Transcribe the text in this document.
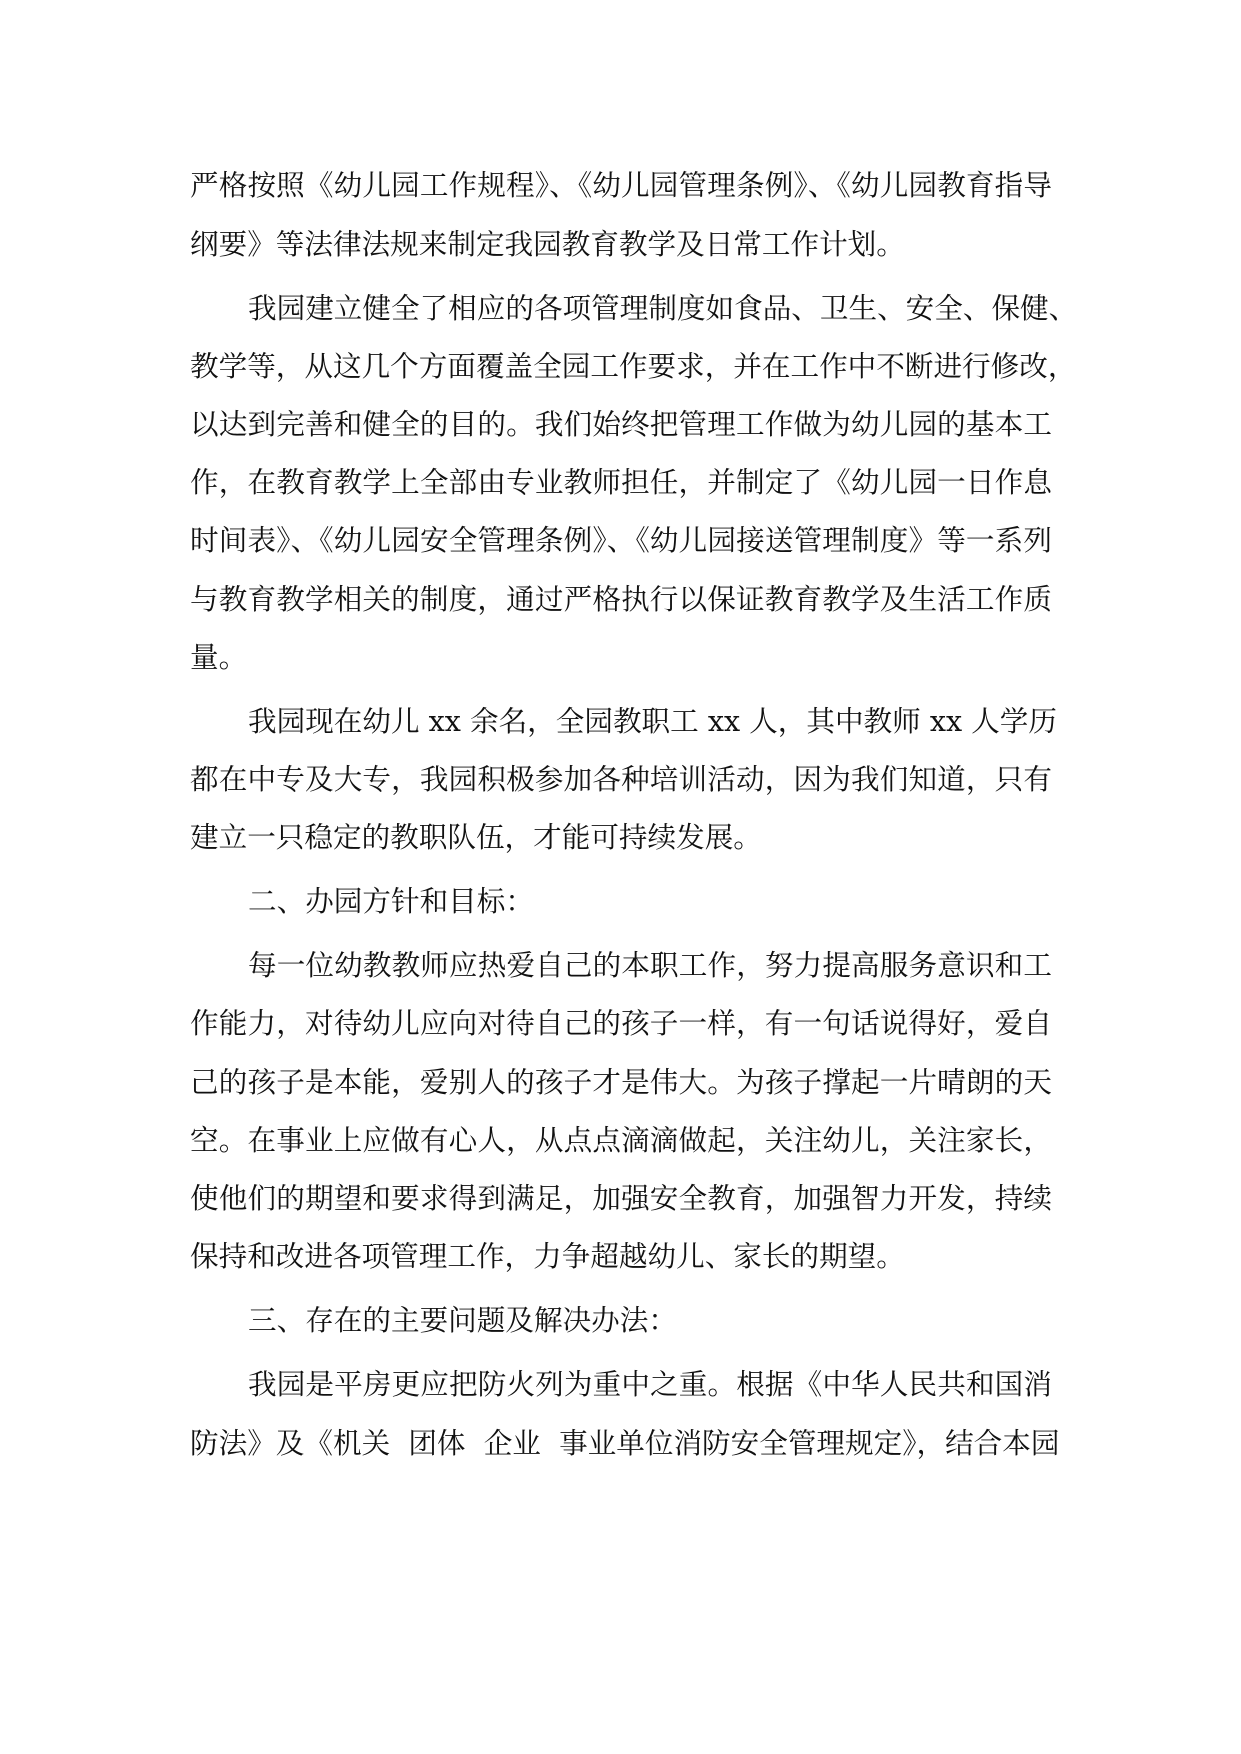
严格按照《幼儿园工作规程》、《幼儿园管理条例》、《幼儿园教育指导
纲要》等法律法规来制定我园教育教学及日常工作计划。
我园建立健全了相应的各项管理制度如食品、卫生、安全、保健、
教学等，从这几个方面覆盖全园工作要求，并在工作中不断进行修改，
以达到完善和健全的目的。我们始终把管理工作做为幼儿园的基本工
作，在教育教学上全部由专业教师担任，并制定了《幼儿园一日作息
时间表》、《幼儿园安全管理条例》、《幼儿园接送管理制度》等一系列
与教育教学相关的制度，通过严格执行以保证教育教学及生活工作质
量。
我园现在幼儿 xx 余名，全园教职工 xx 人，其中教师 xx 人学历
都在中专及大专，我园积极参加各种培训活动，因为我们知道，只有
建立一只稳定的教职队伍，才能可持续发展。
二、办园方针和目标：
每一位幼教教师应热爱自己的本职工作，努力提高服务意识和工
作能力，对待幼儿应向对待自己的孩子一样，有一句话说得好，爱自
己的孩子是本能，爱别人的孩子才是伟大。为孩子撑起一片晴朗的天
空。在事业上应做有心人，从点点滴滴做起，关注幼儿，关注家长，
使他们的期望和要求得到满足，加强安全教育，加强智力开发，持续
保持和改进各项管理工作，力争超越幼儿、家长的期望。
三、存在的主要问题及解决办法：
我园是平房更应把防火列为重中之重。根据《中华人民共和国消
防法》及《机关  团体  企业  事业单位消防安全管理规定》，结合本园
